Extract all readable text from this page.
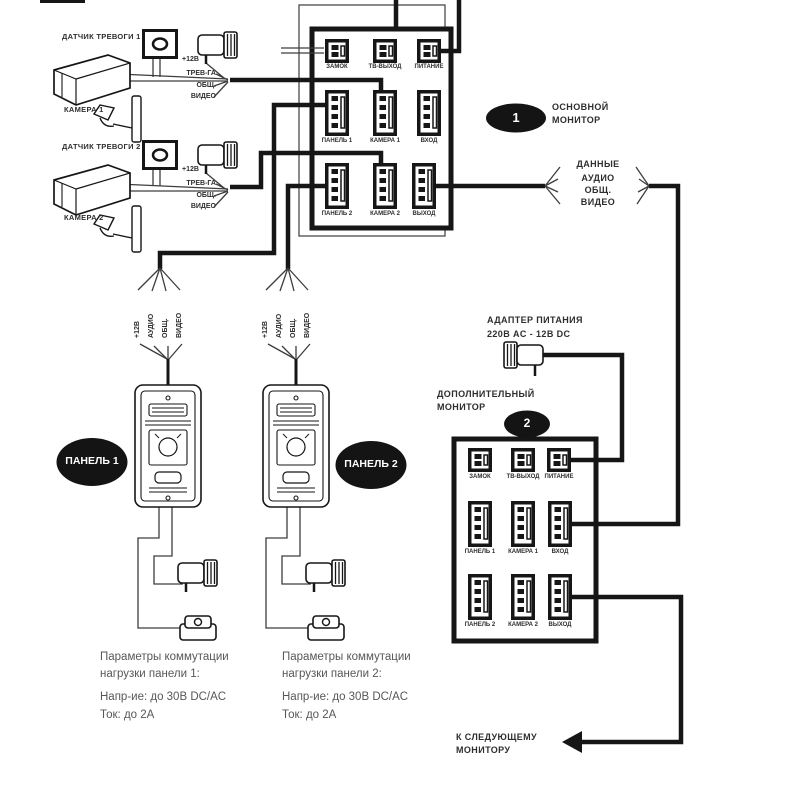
ДАТЧИК ТРЕВОГИ 1
ДАТЧИК ТРЕВОГИ 2
КАМЕРА 1
КАМЕРА 2
+12В
ТРЕВ-ГА
ОБЩ.
ВИДЕО
+12В
ТРЕВ-ГА
ОБЩ.
ВИДЕО
ЗАМОК	ТВ-ВЫХОД	ПИТАНИЕ
ПАНЕЛЬ 1	КАМЕРА 1	ВХОД
ПАНЕЛЬ 2	КАМЕРА 2	ВЫХОД
1
ОСНОВНОЙ
МОНИТОР
ДАННЫЕ
АУДИО
ОБЩ.
ВИДЕО
+12В АУДИО ОБЩ. ВИДЕО	+12В АУДИО ОБЩ. ВИДЕО
ПАНЕЛЬ 1	ПАНЕЛЬ 2
АДАПТЕР ПИТАНИЯ
220В AC - 12В DC
ДОПОЛНИТЕЛЬНЫЙ
МОНИТОР
2
ЗАМОК	ТВ-ВЫХОД ПИТАНИЕ
ПАНЕЛЬ 1	КАМЕРА 1	ВХОД
ПАНЕЛЬ 2	КАМЕРА 2	ВЫХОД
Параметры коммутации
нагрузки панели 1:
Напр-ие: до 30В DC/AC
Ток: до 2А
Параметры коммутации
нагрузки панели 2:
Напр-ие: до 30В DC/AC
Ток: до 2А
К СЛЕДУЮЩЕМУ
МОНИТОРУ
